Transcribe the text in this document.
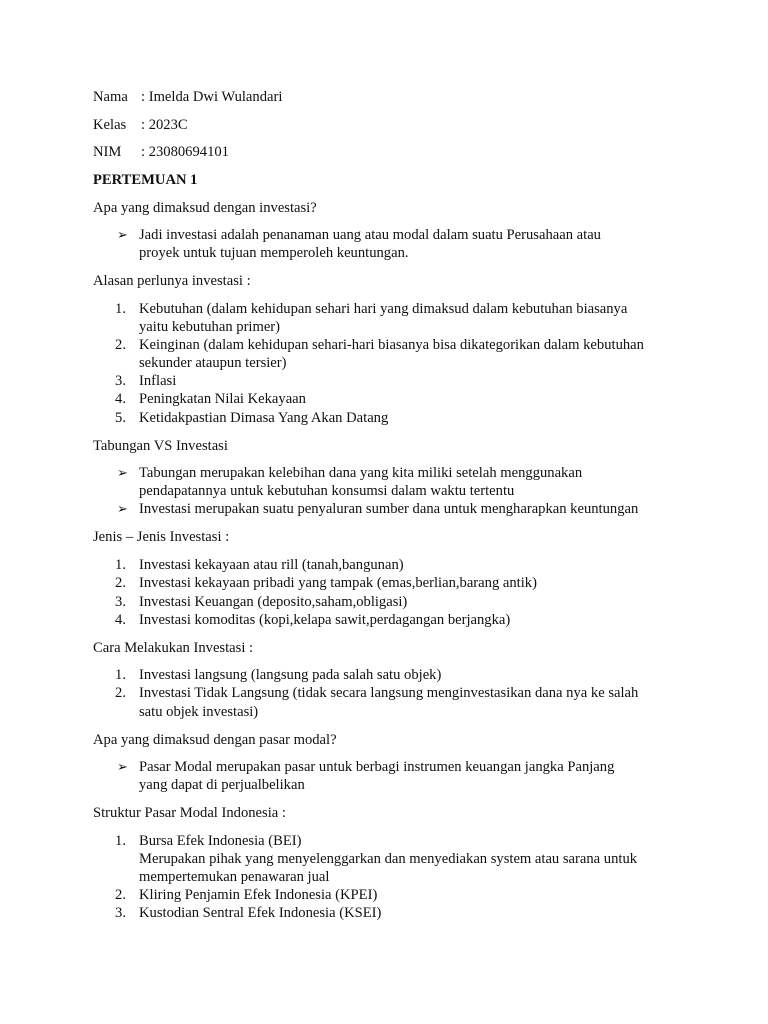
Nama : Imelda Dwi Wulandari
Kelas : 2023C
NIM : 23080694101
PERTEMUAN 1
Apa yang dimaksud dengan investasi?
➢ Jadi investasi adalah penanaman uang atau modal dalam suatu Perusahaan atau
proyek untuk tujuan memperoleh keuntungan.
Alasan perlunya investasi :
1. Kebutuhan (dalam kehidupan sehari hari yang dimaksud dalam kebutuhan biasanya
yaitu kebutuhan primer)
2. Keinginan (dalam kehidupan sehari-hari biasanya bisa dikategorikan dalam kebutuhan
sekunder ataupun tersier)
3. Inflasi
4. Peningkatan Nilai Kekayaan
5. Ketidakpastian Dimasa Yang Akan Datang
Tabungan VS Investasi
➢ Tabungan merupakan kelebihan dana yang kita miliki setelah menggunakan
pendapatannya untuk kebutuhan konsumsi dalam waktu tertentu
➢ Investasi merupakan suatu penyaluran sumber dana untuk mengharapkan keuntungan
Jenis – Jenis Investasi :
1. Investasi kekayaan atau rill (tanah,bangunan)
2. Investasi kekayaan pribadi yang tampak (emas,berlian,barang antik)
3. Investasi Keuangan (deposito,saham,obligasi)
4. Investasi komoditas (kopi,kelapa sawit,perdagangan berjangka)
Cara Melakukan Investasi :
1. Investasi langsung (langsung pada salah satu objek)
2. Investasi Tidak Langsung (tidak secara langsung menginvestasikan dana nya ke salah
satu objek investasi)
Apa yang dimaksud dengan pasar modal?
➢ Pasar Modal merupakan pasar untuk berbagi instrumen keuangan jangka Panjang
yang dapat di perjualbelikan
Struktur Pasar Modal Indonesia :
1. Bursa Efek Indonesia (BEI)
Merupakan pihak yang menyelenggarkan dan menyediakan system atau sarana untuk
mempertemukan penawaran jual
2. Kliring Penjamin Efek Indonesia (KPEI)
3. Kustodian Sentral Efek Indonesia (KSEI)
